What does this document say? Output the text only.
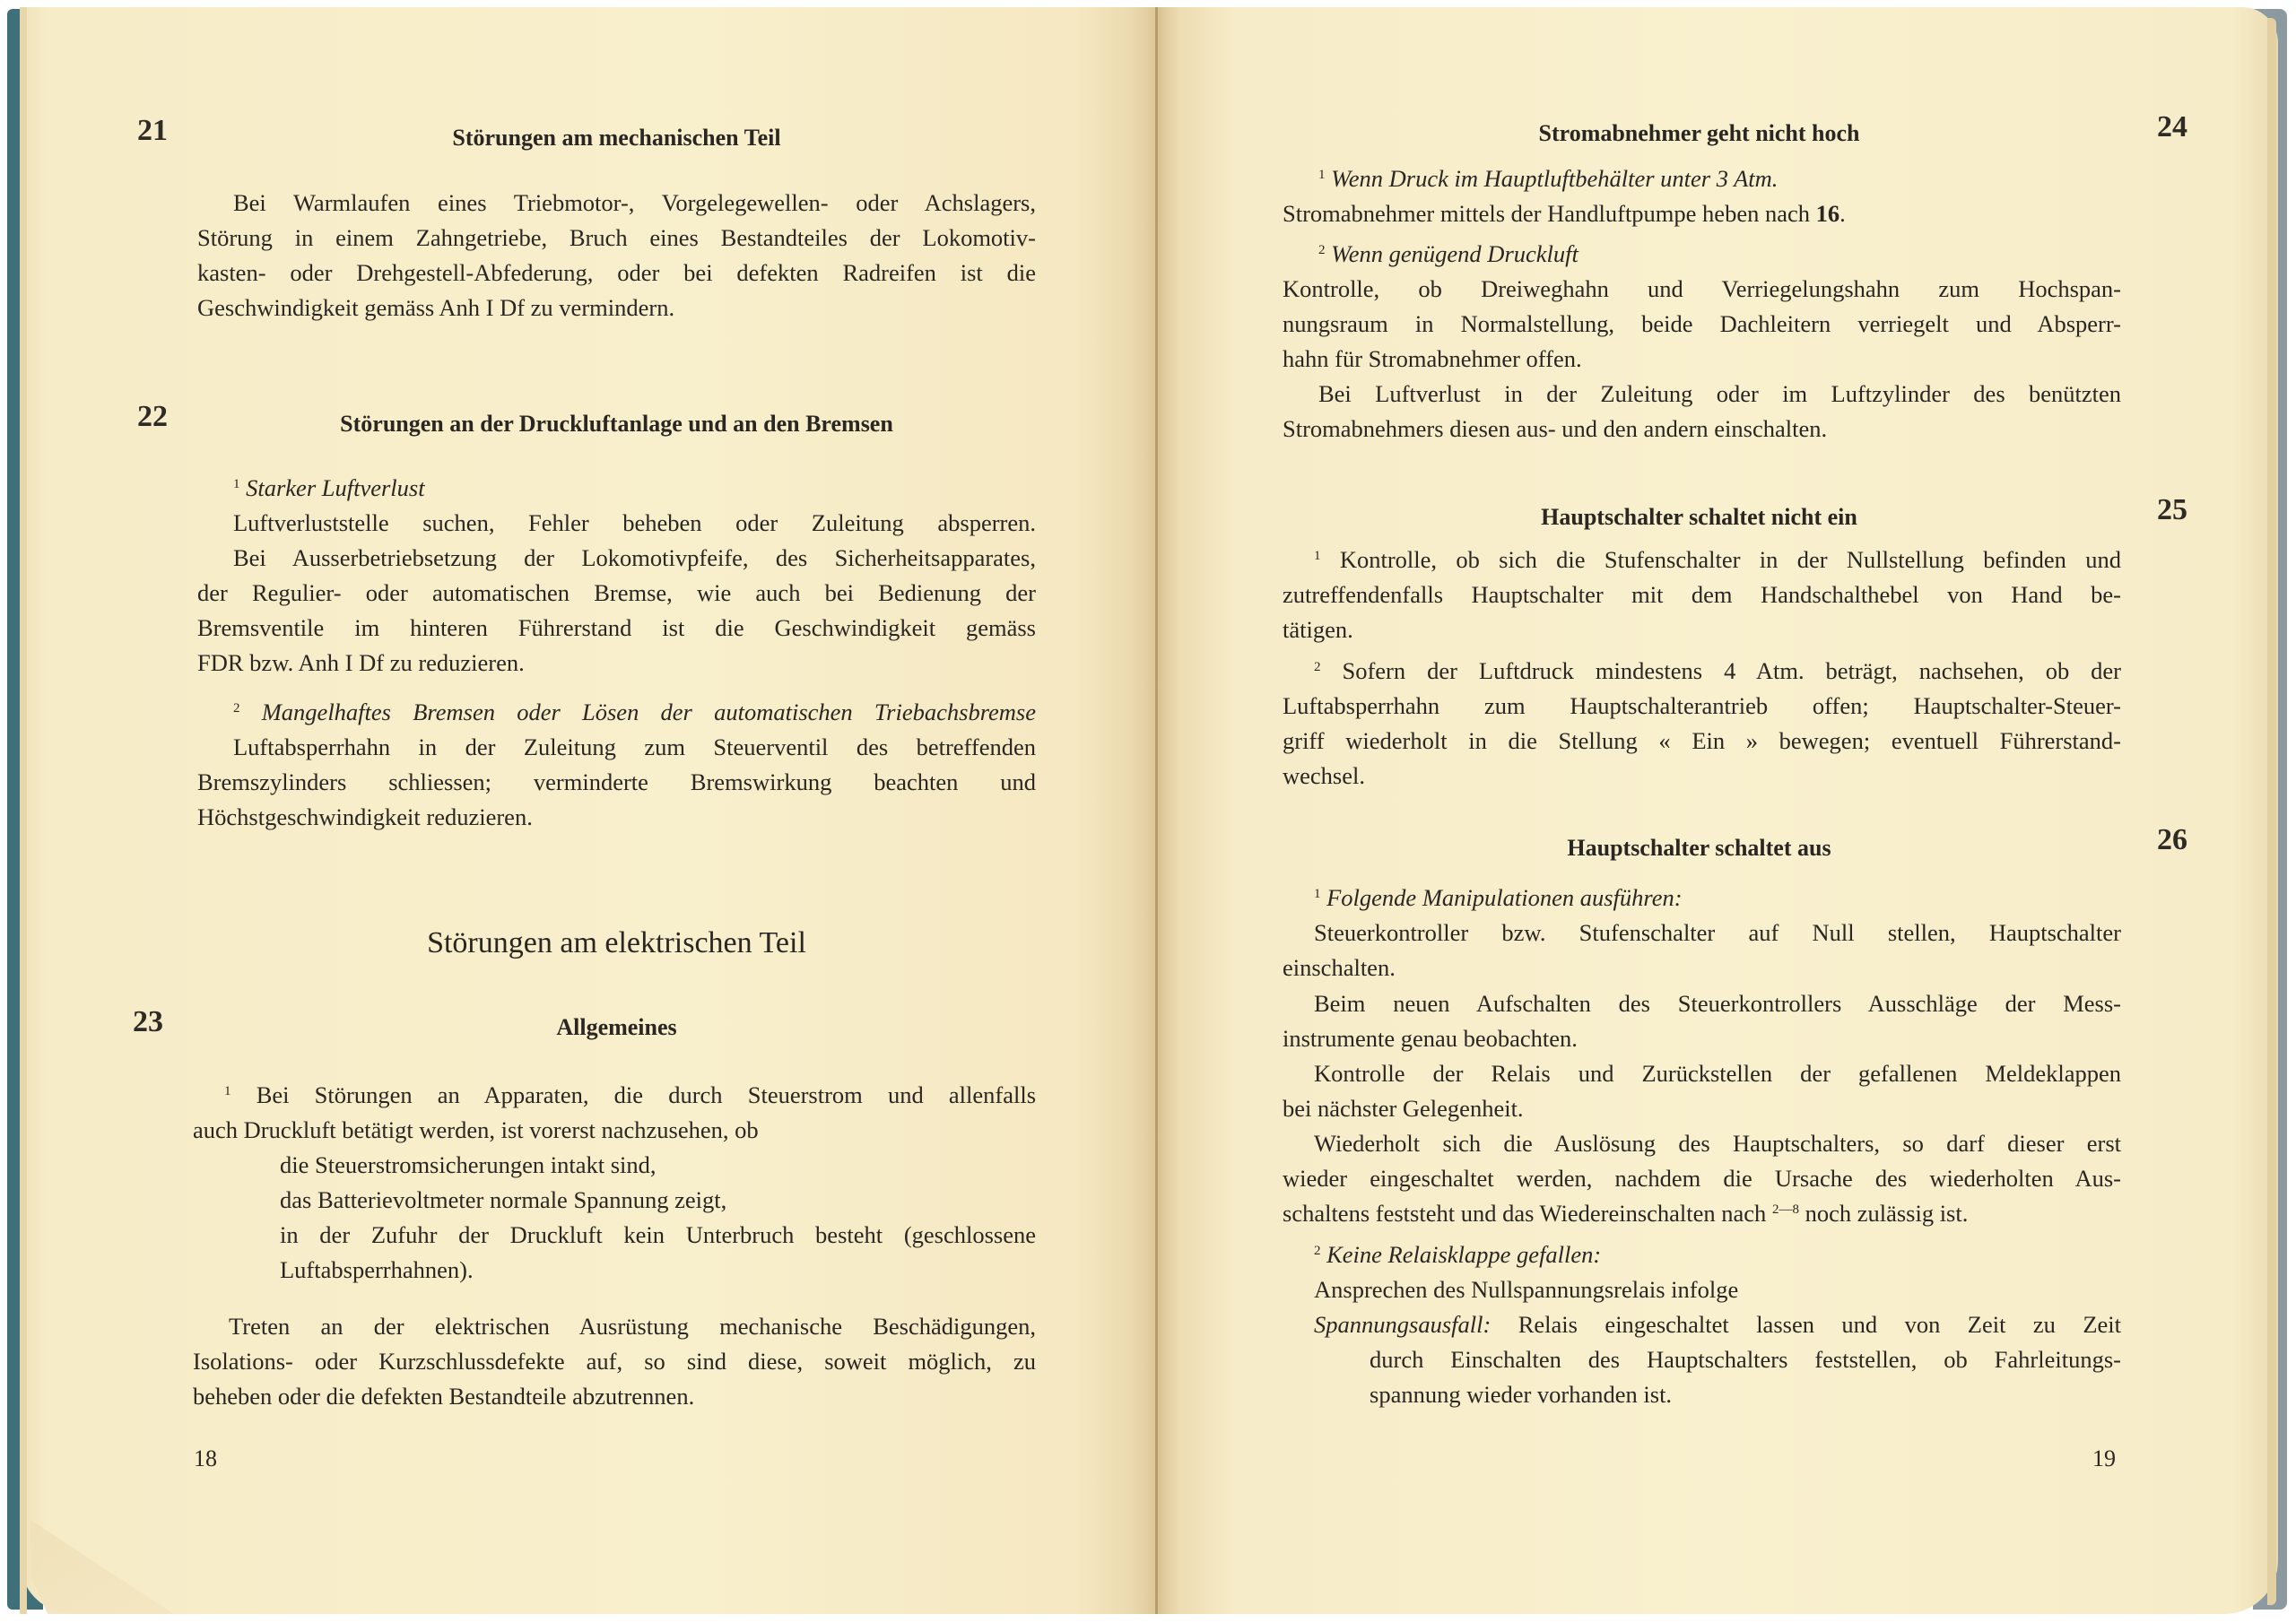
21	Störungen am mechanischen Teil
Bei Warmlaufen eines Triebmotor-, Vorgelegewellen- oder Achslagers,
Störung in einem Zahngetriebe, Bruch eines Bestandteiles der Lokomotiv-
kasten- oder Drehgestell-Abfederung, oder bei defekten Radreifen ist die
Geschwindigkeit gemäss Anh I Df zu vermindern.
22	Störungen an der Druckluftanlage und an den Bremsen
$^1$ Starker Luftverlust
Luftverluststelle suchen, Fehler beheben oder Zuleitung absperren.
Bei Ausserbetriebsetzung der Lokomotivpfeife, des Sicherheitsapparates,
der Regulier- oder automatischen Bremse, wie auch bei Bedienung der
Bremsventile im hinteren Führerstand ist die Geschwindigkeit gemäss
FDR bzw. Anh I Df zu reduzieren.
$^2$ Mangelhaftes Bremsen oder Lösen der automatischen Triebachsbremse
Luftabsperrhahn in der Zuleitung zum Steuerventil des betreffenden
Bremszylinders schliessen; verminderte Bremswirkung beachten und
Höchstgeschwindigkeit reduzieren.
Störungen am elektrischen Teil
23	Allgemeines
$^1$ Bei Störungen an Apparaten, die durch Steuerstrom und allenfalls
auch Druckluft betätigt werden, ist vorerst nachzusehen, ob
die Steuerstromsicherungen intakt sind,
das Batterievoltmeter normale Spannung zeigt,
in der Zufuhr der Druckluft kein Unterbruch besteht (geschlossene
Luftabsperrhahnen).
Treten an der elektrischen Ausrüstung mechanische Beschädigungen,
Isolations- oder Kurzschlussdefekte auf, so sind diese, soweit möglich, zu
beheben oder die defekten Bestandteile abzutrennen.
18
24
Stromabnehmer geht nicht hoch
$^1$ Wenn Druck im Hauptluftbehälter unter 3 Atm.
Stromabnehmer mittels der Handluftpumpe heben nach 16.
$^2$ Wenn genügend Druckluft
Kontrolle, ob Dreiweghahn und Verriegelungshahn zum Hochspan-
nungsraum in Normalstellung, beide Dachleitern verriegelt und Absperr-
hahn für Stromabnehmer offen.
Bei Luftverlust in der Zuleitung oder im Luftzylinder des benützten
Stromabnehmers diesen aus- und den andern einschalten.
25
Hauptschalter schaltet nicht ein
$^1$ Kontrolle, ob sich die Stufenschalter in der Nullstellung befinden und
zutreffendenfalls Hauptschalter mit dem Handschalthebel von Hand be-
tätigen.
$^2$ Sofern der Luftdruck mindestens 4 Atm. beträgt, nachsehen, ob der
Luftabsperrhahn zum Hauptschalterantrieb offen; Hauptschalter-Steuer-
griff wiederholt in die Stellung « Ein » bewegen; eventuell Führerstand-
wechsel.
26
Hauptschalter schaltet aus
$^1$ Folgende Manipulationen ausführen:
Steuerkontroller bzw. Stufenschalter auf Null stellen, Hauptschalter
einschalten.
Beim neuen Aufschalten des Steuerkontrollers Ausschläge der Mess-
instrumente genau beobachten.
Kontrolle der Relais und Zurückstellen der gefallenen Meldeklappen
bei nächster Gelegenheit.
Wiederholt sich die Auslösung des Hauptschalters, so darf dieser erst
wieder eingeschaltet werden, nachdem die Ursache des wiederholten Aus-
schaltens feststeht und das Wiedereinschalten nach $^{2—8}$ noch zulässig ist.
$^2$ Keine Relaisklappe gefallen:
Ansprechen des Nullspannungsrelais infolge
Spannungsausfall: Relais eingeschaltet lassen und von Zeit zu Zeit
durch Einschalten des Hauptschalters feststellen, ob Fahrleitungs-
spannung wieder vorhanden ist.
19
